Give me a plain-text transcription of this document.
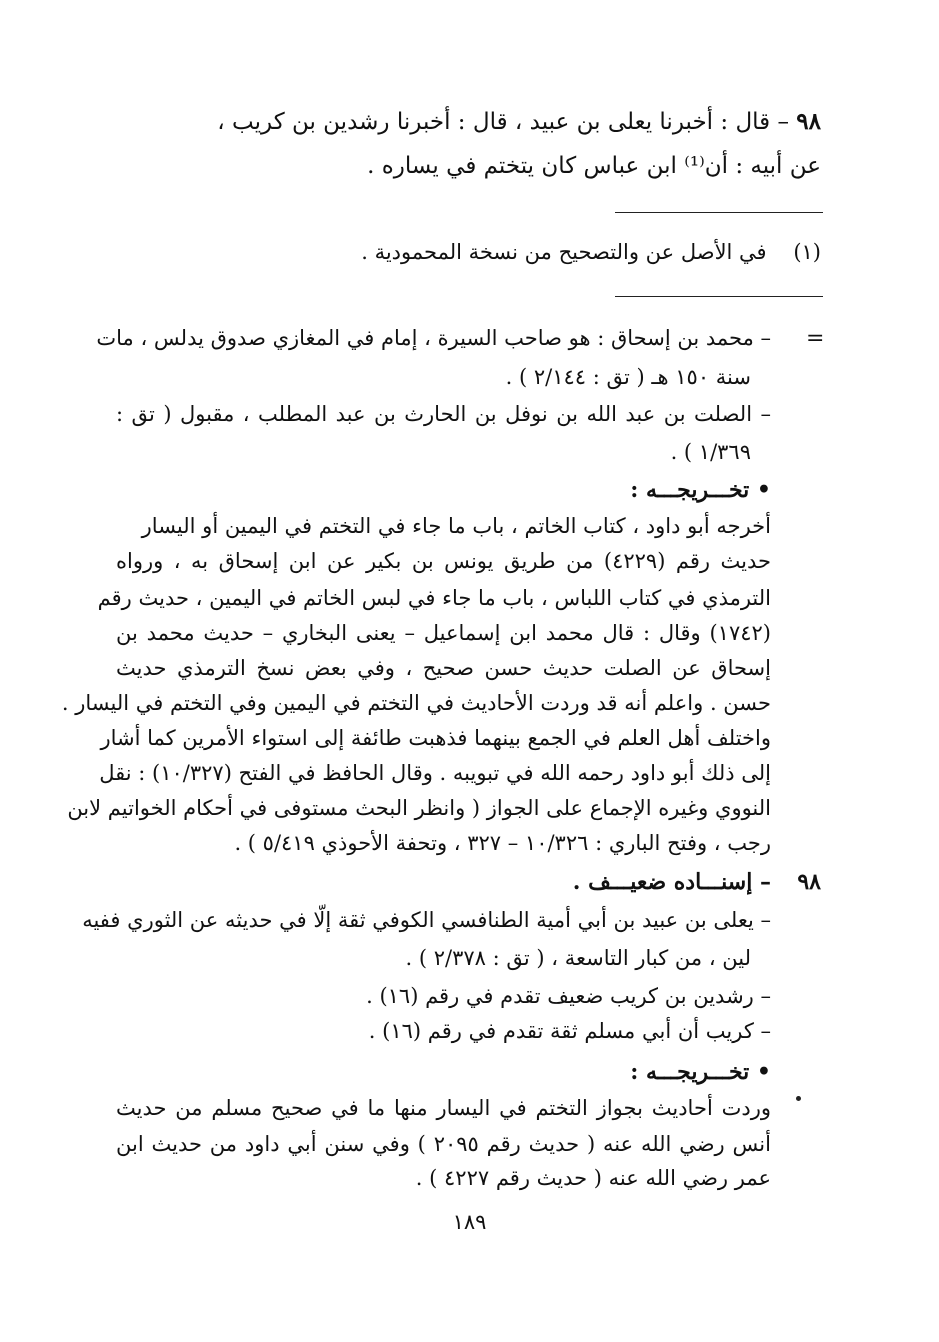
٩٨ – قال : أخبرنا يعلى بن عبيد ، قال : أخبرنا رشدين بن كريب ،
عن أبيه : أن⁽¹⁾ ابن عباس كان يتختم في يساره .
(١)    في الأصل عن والتصحيح من نسخة المحمودية .
=
– محمد بن إسحاق : هو صاحب السيرة ، إمام في المغازي صدوق يدلس ، مات
سنة ١٥٠ هـ ( تق : ٢/١٤٤ ) .
– الصلت بن عبد الله بن نوفل بن الحارث بن عبد المطلب ، مقبول ( تق :
١/٣٦٩ ) .
• تخـــريجـــه :
أخرجه أبو داود ، كتاب الخاتم ، باب ما جاء في التختم في اليمين أو اليسار
حديث رقم (٤٢٢٩) من طريق يونس بن بكير عن ابن إسحاق به ، ورواه
الترمذي في كتاب اللباس ، باب ما جاء في لبس الخاتم في اليمين ، حديث رقم
(١٧٤٢) وقال : قال محمد ابن إسماعيل – يعنى البخاري – حديث محمد بن
إسحاق عن الصلت حديث حسن صحيح ، وفي بعض نسخ الترمذي حديث
حسن . واعلم أنه قد وردت الأحاديث في التختم في اليمين وفي التختم في اليسار .
واختلف أهل العلم في الجمع بينهما فذهبت طائفة إلى استواء الأمرين كما أشار
إلى ذلك أبو داود رحمه الله في تبويبه . وقال الحافظ في الفتح (١٠/٣٢٧) : نقل
النووي وغيره الإجماع على الجواز ( وانظر البحث مستوفى في أحكام الخواتيم لابن
رجب ، وفتح الباري : ١٠/٣٢٦ – ٣٢٧ ، وتحفة الأحوذي ٥/٤١٩ ) .
٩٨
– إسنـــاده ضعيـــف .
– يعلى بن عبيد بن أبي أمية الطنافسي الكوفي ثقة إلّا في حديثه عن الثوري ففيه
لين ، من كبار التاسعة ، ( تق : ٢/٣٧٨ ) .
– رشدين بن كريب ضعيف تقدم في رقم (١٦) .
– كريب أن أبي مسلم ثقة تقدم في رقم (١٦) .
• تخـــريجـــه :
وردت أحاديث بجواز التختم في اليسار منها ما في صحيح مسلم من حديث
أنس رضي الله عنه ( حديث رقم ٢٠٩٥ ) وفي سنن أبي داود من حديث ابن
عمر رضي الله عنه ( حديث رقم ٤٢٢٧ ) .
١٨٩
